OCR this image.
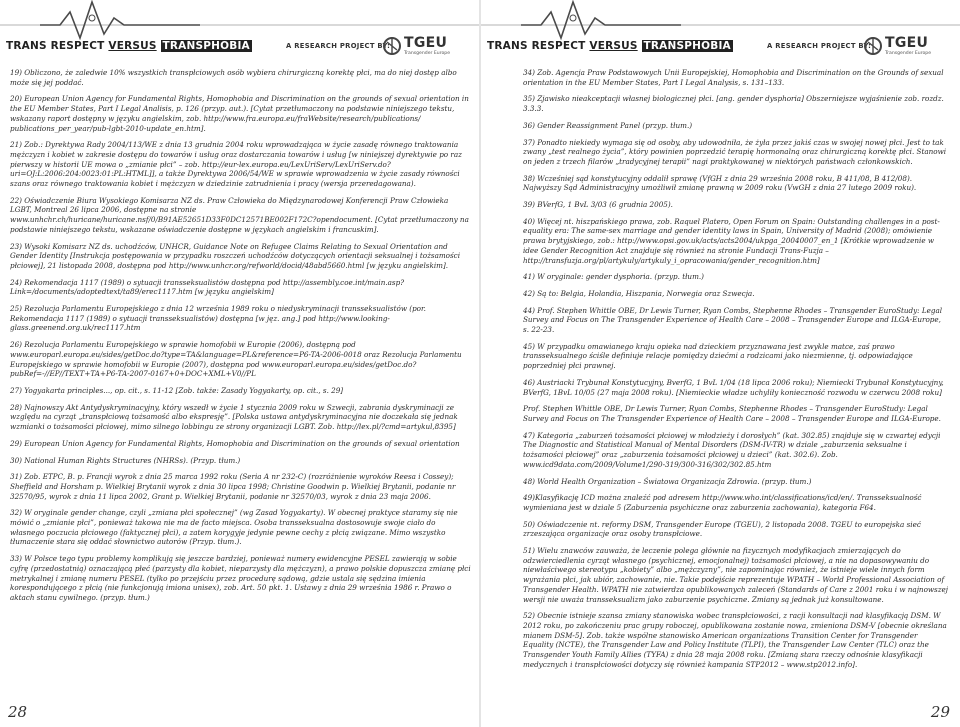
TRANS RESPECT VERSUS TRANSPHOBIA	A RESEARCH PROJECT BY: TGEU
Transgender Europe

19) Obliczono, że zaledwie 10% wszystkich transpłciowych osób wybiera chirurgiczną korektę płci, ma do niej dostęp albo może się jej poddać.

20) European Union Agency for Fundamental Rights, Homophobia and Discrimination on the grounds of sexual orientation in the EU Member States, Part I Legal Analisis, p. 126 (przyp. aut.). [Cytat przetłumaczony na podstawie niniejszego tekstu, wskazany raport dostępny w języku angielskim, zob. http://www.fra.europa.eu/fraWebsite/research/publications/ publications_per_year/pub-lgbt-2010-update_en.htm].

21) Zob.: Dyrektywa Rady 2004/113/WE z dnia 13 grudnia 2004 roku wprowadzająca w życie zasadę równego traktowania mężczyzn i kobiet w zakresie dostępu do towarów i usług oraz dostarczania towarów i usług [w niniejszej dyrektywie po raz pierwszy w historii UE mowa o „zmianie płci” – zob. http://eur-lex.europa.eu/LexUriServ/LexUriServ.do?uri=OJ:L:2006:204:0023:01:PL:HTML]], a także Dyrektywa 2006/54/WE w sprawie wprowadzenia w życie zasady równości szans oraz równego traktowania kobiet i mężczyzn w dziedzinie zatrudnienia i pracy (wersja przeredagowana).

22) Oświadczenie Biura Wysokiego Komisarza NZ ds. Praw Człowieka do Międzynarodowej Konferencji Praw Człowieka LGBT, Montreal 26 lipca 2006, dostępne na stronie www.unhchr.ch/huricane/huricane.nsf/0/B91AE52651D33F0DC12571BE002F172C?opendocument. [Cytat przetłumaczony na podstawie niniejszego tekstu, wskazane oświadczenie dostępne w językach angielskim i francuskim].

23) Wysoki Komisarz NZ ds. uchodźców, UNHCR, Guidance Note on Refugee Claims Relating to Sexual Orientation and Gender Identity [Instrukcja postępowania w przypadku roszczeń uchodźców dotyczących orientacji seksualnej i tożsamości płciowej], 21 listopada 2008, dostępna pod http://www.unhcr.org/refworld/docid/48abd5660.html [w języku angielskim].

24) Rekomendacja 1117 (1989) o sytuacji transseksualistów dostępna pod http://assembly.coe.int/main.asp?Link=/documents/adoptedtext/ta89/erec1117.htm [w języku angielskim]

25) Rezolucja Parlamentu Europejskiego z dnia 12 września 1989 roku o niedyskryminacji transseksualistów (por. Rekomendacja 1117 (1989) o sytuacji transseksualistów) dostępna [w jęz. ang.] pod http://www.looking-glass.greenend.org.uk/rec1117.htm

26) Rezolucja Parlamentu Europejskiego w sprawie homofobii w Europie (2006), dostępną pod www.europarl.europa.eu/sides/getDoc.do?type=TA&language=PL&reference=P6-TA-2006-0018 oraz Rezolucja Parlamentu Europejskiego w sprawie homofobii w Europie (2007), dostępna pod www.europarl.europa.eu/sides/getDoc.do?pubRef=-//EP//TEXT+TA+P6-TA-2007-0167+0+DOC+XML+V0//PL

27) Yogyakarta principles..., op. cit., s. 11-12 [Zob. także: Zasady Yogyakarty, op. cit., s. 29]

28) Najnowszy Akt Antydyskryminacyjny, który wszedł w życie 1 stycznia 2009 roku w Szwecji, zabrania dyskryminacji ze względu na cyrząt „transpłciową tożsamość albo ekspresję”. [Polska ustawa antydyskryminacyjna nie doczekała się jednak wzmianki o tożsamości płciowej, mimo silnego lobbingu ze strony organizacji LGBT. Zob. http://lex.pl/?cmd=artykul,8395]

29) European Union Agency for Fundamental Rights, Homophobia and Discrimination on the grounds of sexual orientation

30) National Human Rights Structures (NHRSs). (Przyp. tłum.)

31) Zob. ETPC, B. p. Francji wyrok z dnia 25 marca 1992 roku (Seria A nr 232-C) (rozróżnienie wyroków Reesa i Cossey); Sheffield and Horsham p. Wielkiej Brytanii wyrok z dnia 30 lipca 1998; Christine Goodwin p. Wielkiej Brytanii, podanie nr 32570/95, wyrok z dnia 11 lipca 2002, Grant p. Wielkiej Brytanii, podanie nr 32570/03, wyrok z dnia 23 maja 2006.

32) W oryginale gender change, czyli „zmiana płci społecznej” (wg Zasad Yogyakarty). W obecnej praktyce staramy się nie mówić o „zmianie płci”, ponieważ takowa nie ma de facto miejsca. Osoba transseksualna dostosowuje swoje ciało do własnego poczucia płciowego (faktycznej płci), a zatem korygyje jedynie pewne cechy z płcią związane. Mimo wszystko tłumaczenie stara się oddać słownictwo autorów (Przyp. tłum.).

33) W Polsce tego typu problemy komplikują się jeszcze bardziej, ponieważ numery ewidencyjne PESEL zawierają w sobie cyfrę (przedostatnią) oznaczającą płeć (parzysty dla kobiet, nieparzysty dla mężczyzn), a prawo polskie dopuszcza zmianę płci metrykalnej i zmianę numeru PESEL (tylko po przejściu przez procedurę sądową, gdzie ustala się sędzina imienia korespondującego z płcią (nie funkcjonują imiona unisex), zob. Art. 50 pkt. 1. Ustawy z dnia 29 września 1986 r. Prawo o aktach stanu cywilnego. (przyp. tłum.)

28
TRANS RESPECT VERSUS TRANSPHOBIA	A RESEARCH PROJECT BY: TGEU
Transgender Europe

34) Zob. Agencja Praw Podstawowych Unii Europejskiej, Homophobia and Discrimination on the Grounds of sexual orientation in the EU Member States, Part I Legal Analysis, s. 131–133.

35) Zjawisko nieakceptacji własnej biologicznej płci. [ang. gender dysphoria] Obszerniejsze wyjaśnienie zob. rozdz. 3.3.3.

36) Gender Reassignment Panel (przyp. tłum.)

37) Ponadto niekiedy wymaga się od osoby, aby udowodniła, że żyła przez jakiś czas w swojej nowej płci. Jest to tak zwany „test realnego życia”, który powinien poprzedzić terapię hormonalną oraz chirurgiczną korektę płci. Stanowi on jeden z trzech filarów „tradycyjnej terapii” nagi praktykowanej w niektórych państwach członkowskich.

38) Wcześniej sąd konstytucyjny oddalił sprawę (VfGH z dnia 29 września 2008 roku, B 411/08, B 412/08). Najwyższy Sąd Administracyjny umożliwił zmianę prawną w 2009 roku (VwGH z dnia 27 lutego 2009 roku).

39) BVerfG, 1 BvL 3/03 (6 grudnia 2005).

40) Więcej nt. hiszpańskiego prawa, zob. Raquel Platero, Open Forum on Spain: Outstanding challenges in a post-equality era: The same-sex marriage and gender identity laws in Spain, University of Madrid (2008); omówienie prawa brytyjskiego, zob.: http://www.opsi.gov.uk/acts/acts2004/ukpga_20040007_en_1 [Krótkie wprowadzenie w idee Gender Recognition Act znajduje się również na stronie Fundacji Trans-Fuzja – http://transfuzja.org/pl/artykuly/artykuly_i_opracowania/gender_recognition.htm]

41) W oryginale: gender dysphoria. (przyp. tłum.)

42) Są to: Belgia, Holandia, Hiszpania, Norwegia oraz Szwecja.

44) Prof. Stephen Whittle OBE, Dr Lewis Turner, Ryan Combs, Stephenne Rhodes – Transgender EuroStudy: Legal Survey and Focus on The Transgender Experience of Health Care – 2008 – Transgender Europe and ILGA-Europe, s. 22-23.

45) W przypadku omawianego kraju opieka nad dzieckiem przyznawana jest zwykle matce, zaś prawo transseksualnego ściśle definiuje relacje pomiędzy dziećmi a rodzicami jako niezmienne, tj. odpowiadające poprzedniej płci prawnej.

46) Austriacki Trybunał Konstytucyjny, BverfG, 1 BvL 1/04 (18 lipca 2006 roku); Niemiecki Trybunał Konstytucyjny, BVerfG, 1BvL 10/05 (27 maja 2008 roku). [Niemieckie władze uchyliły konieczność rozwodu w czerwcu 2008 roku]

Prof. Stephen Whittle OBE, Dr Lewis Turner, Ryan Combs, Stephenne Rhodes – Transgender EuroStudy: Legal Survey and Focus on The Transgender Experience of Health Care – 2008 – Transgender Europe and ILGA-Europe.

47) Kategoria „zaburzeń tożsamości płciowej w młodzieży i dorosłych” (kat. 302.85) znajduje się w czwartej edycji The Diagnostic and Statistical Manual of Mental Disorders (DSM-IV-TR) w dziale „zaburzenia seksualne i tożsamości płciowej” oraz „zaburzenia tożsamości płciowej u dzieci” (kat. 302.6). Zob. www.icd9data.com/2009/Volume1/290-319/300-316/302/302.85.htm

48) World Health Organization – Światowa Organizacja Zdrowia. (przyp. tłum.)

49)Klasyfikację ICD można znaleźć pod adresem http://www.who.int/classifications/icd/en/. Transseksualność wymieniana jest w dziale 5 (Zaburzenia psychiczne oraz zaburzenia zachowania), kategoria F64.

50) Oświadczenie nt. reformy DSM, Transgender Europe (TGEU), 2 listopada 2008. TGEU to europejska sieć zrzeszająca organizacje oraz osoby transpłciowe.

51) Wielu znawców zauważa, że leczenie polega głównie na fizycznych modyfikacjach zmierzających do odzwierciedlenia cyrząt własnego (psychicznej, emocjonalnej) tożsamości płciowej, a nie na dopasowywaniu do niewłaściwego stereotypu „kobiety” albo „mężczyzny”, nie zapominając również, że istnieje wiele innych form wyrażania płci, jak ubiór, zachowanie, nie. Takie podejście reprezentuje WPATH – World Professional Association of Transgender Health. WPATH nie zatwierdza opublikowanych zaleceń (Standards of Care z 2001 roku i w najnowszej wersji nie uważa transseksualizm jako zaburzenie psychiczne. Zmiany są jednak już konsultowane.

52) Obecnie istnieje szansa zmiany stanowiska wobec transpłciowości, z racji konsultacji nad klasyfikacją DSM. W 2012 roku, po zakończeniu prac grupy roboczej, opublikowana zostanie nowa, zmieniona DSM-V [obecnie określana mianem DSM-5]. Zob. także wspólne stanowisko American organizations Transition Center for Transgender Equality (NCTE), the Transgender Law and Policy Institute (TLPI), the Transgender Law Center (TLC) oraz the Transgender Youth Family Allies (TYFA) z dnia 28 maja 2008 roku. [Zmianą stara rzeczy odnośnie klasyfikacji medycznych i transpłciowości dotyczy się również kampania STP2012 – www.stp2012.info].

29
